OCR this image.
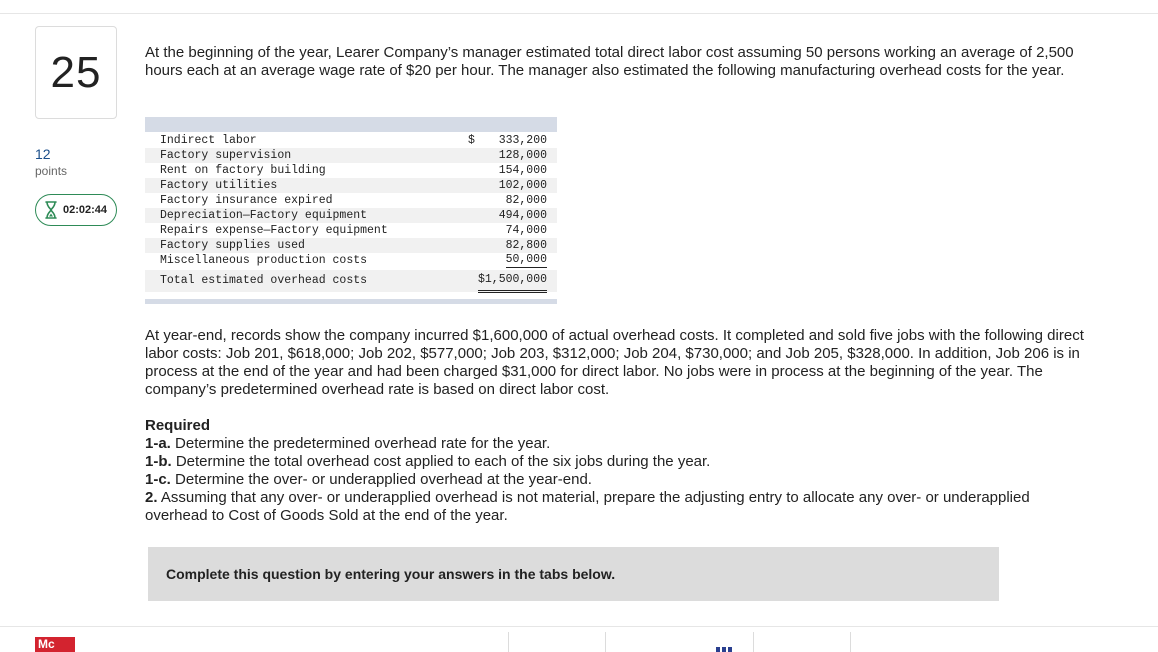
25
12
points
02:02:44
At the beginning of the year, Learer Company’s manager estimated total direct labor cost assuming 50 persons working an average of 2,500 hours each at an average wage rate of $20 per hour. The manager also estimated the following manufacturing overhead costs for the year.
Indirect labor	$ 333,200
Factory supervision	128,000
Rent on factory building	154,000
Factory utilities	102,000
Factory insurance expired	82,000
Depreciation—Factory equipment	494,000
Repairs expense—Factory equipment	74,000
Factory supplies used	82,800
Miscellaneous production costs	50,000
Total estimated overhead costs	$1,500,000
At year-end, records show the company incurred $1,600,000 of actual overhead costs. It completed and sold five jobs with the following direct labor costs: Job 201, $618,000; Job 202, $577,000; Job 203, $312,000; Job 204, $730,000; and Job 205, $328,000. In addition, Job 206 is in process at the end of the year and had been charged $31,000 for direct labor. No jobs were in process at the beginning of the year. The company’s predetermined overhead rate is based on direct labor cost.

Required

1-a. Determine the predetermined overhead rate for the year.

1-b. Determine the total overhead cost applied to each of the six jobs during the year.

1-c. Determine the over- or underapplied overhead at the year-end.

2. Assuming that any over- or underapplied overhead is not material, prepare the adjusting entry to allocate any over- or underapplied overhead to Cost of Goods Sold at the end of the year.

Complete this question by entering your answers in the tabs below.
Mc
